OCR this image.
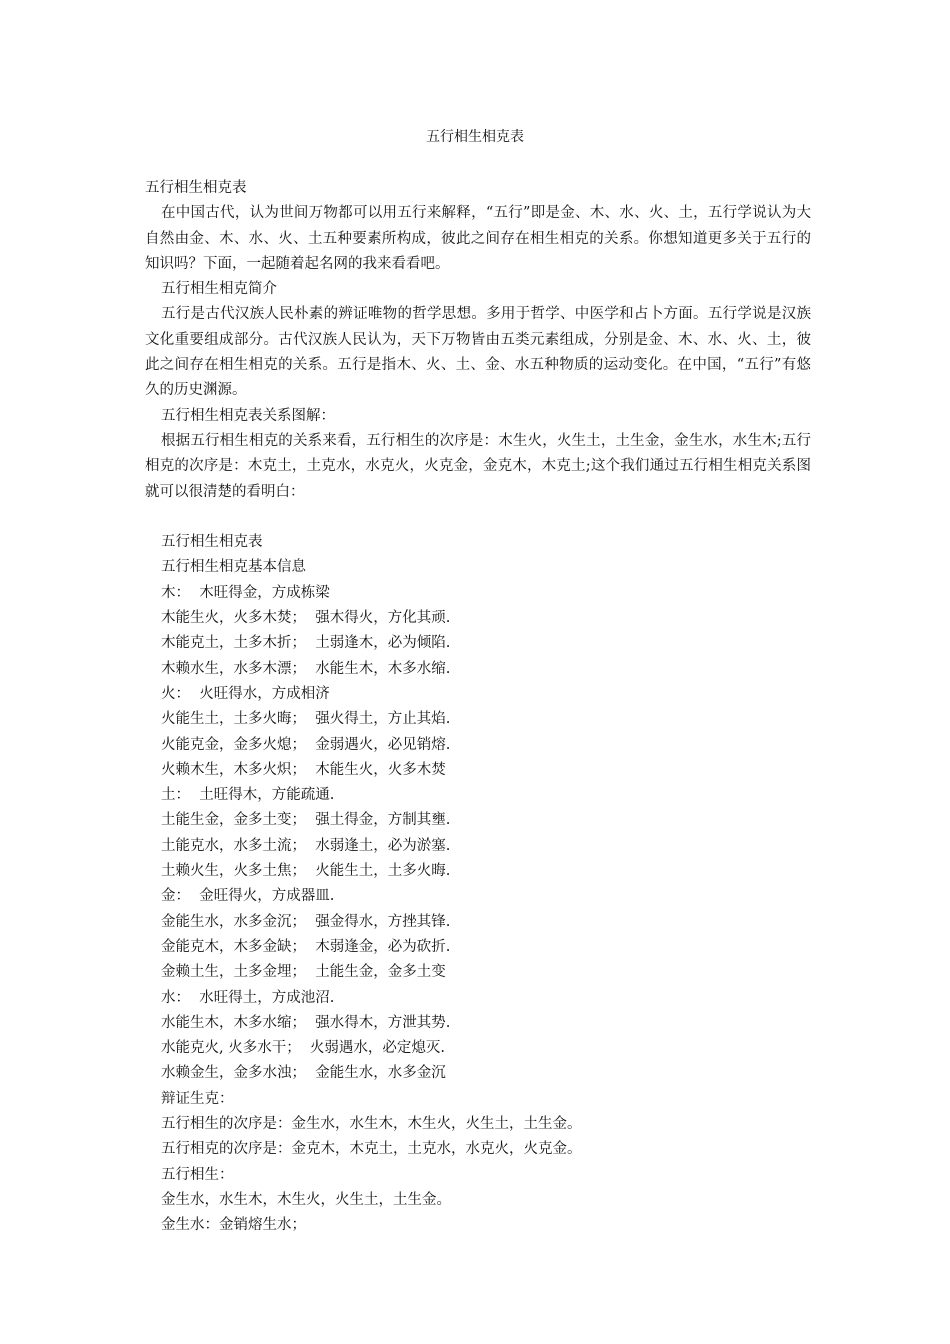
五行相生相克表

五行相生相克表

在中国古代，认为世间万物都可以用五行来解释，“五行”即是金、木、水、火、土，五行学说认为大自然由金、木、水、火、土五种要素所构成，彼此之间存在相生相克的关系。你想知道更多关于五行的知识吗？下面，一起随着起名网的我来看看吧。

五行相生相克简介

五行是古代汉族人民朴素的辨证唯物的哲学思想。多用于哲学、中医学和占卜方面。五行学说是汉族文化重要组成部分。古代汉族人民认为，天下万物皆由五类元素组成，分别是金、木、水、火、土，彼此之间存在相生相克的关系。五行是指木、火、土、金、水五种物质的运动变化。在中国，“五行”有悠久的历史渊源。

五行相生相克表关系图解：

根据五行相生相克的关系来看，五行相生的次序是：木生火，火生土，土生金，金生水，水生木;五行相克的次序是：木克土，土克水，水克火，火克金，金克木，木克土;这个我们通过五行相生相克关系图就可以很清楚的看明白：

五行相生相克表

五行相生相克基本信息

木：  木旺得金，方成栋梁

木能生火，火多木焚；  强木得火，方化其顽.

木能克土，土多木折；  土弱逢木，必为倾陷.

木赖水生，水多木漂；  水能生木，木多水缩.

火：  火旺得水，方成相济

火能生土，土多火晦；  强火得土，方止其焰.

火能克金，金多火熄；  金弱遇火，必见销熔.

火赖木生，木多火炽；  木能生火，火多木焚

土：  土旺得木，方能疏通.

土能生金，金多土变；  强土得金，方制其壅.

土能克水，水多土流；  水弱逢土，必为淤塞.

土赖火生，火多土焦；  火能生土，土多火晦.

金：  金旺得火，方成器皿.

金能生水，水多金沉；  强金得水，方挫其锋.

金能克木，木多金缺；  木弱逢金，必为砍折.

金赖土生，土多金埋；  土能生金，金多土变

水：  水旺得土，方成池沼.

水能生木，木多水缩；  强水得木，方泄其势.

水能克火, 火多水干；  火弱遇水，必定熄灭.

水赖金生，金多水浊；  金能生水，水多金沉

辩证生克：

五行相生的次序是：金生水，水生木，木生火，火生土，土生金。

五行相克的次序是：金克木，木克土，土克水，水克火，火克金。

五行相生：

金生水，水生木，木生火，火生土，土生金。

金生水：金销熔生水；
